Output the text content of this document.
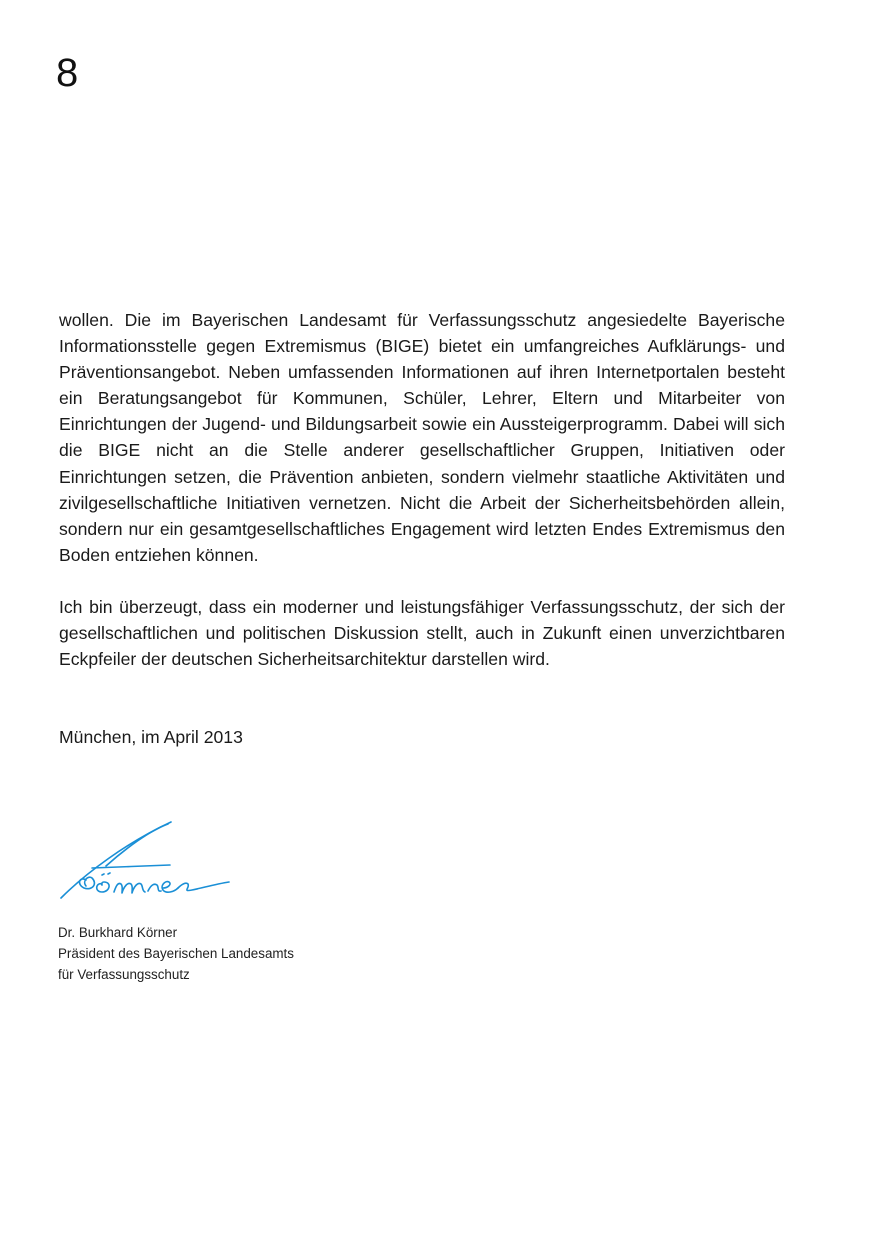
8

wollen. Die im Bayerischen Landesamt für Verfassungsschutz angesiedelte Bayerische Informationsstelle gegen Extremismus (BIGE) bietet ein umfangreiches Aufklärungs- und Präventionsangebot. Neben umfassenden Informationen auf ihren Internetportalen besteht ein Beratungsangebot für Kommunen, Schüler, Lehrer, Eltern und Mitarbeiter von Einrichtungen der Jugend- und Bildungsarbeit sowie ein Aussteigerprogramm. Dabei will sich die BIGE nicht an die Stelle anderer gesellschaftlicher Gruppen, Initiativen oder Einrichtungen setzen, die Prävention anbieten, sondern vielmehr staatliche Aktivitäten und zivilgesellschaftliche Initiativen vernetzen. Nicht die Arbeit der Sicherheitsbehörden allein, sondern nur ein gesamtgesellschaftliches Engagement wird letzten Endes Extremismus den Boden entziehen können.

Ich bin überzeugt, dass ein moderner und leistungsfähiger Verfassungsschutz, der sich der gesellschaftlichen und politischen Diskussion stellt, auch in Zukunft einen unverzichtbaren Eckpfeiler der deutschen Sicherheitsarchitektur darstellen wird.

München, im April 2013
Dr. Burkhard Körner
Präsident des Bayerischen Landesamts
für Verfassungsschutz
